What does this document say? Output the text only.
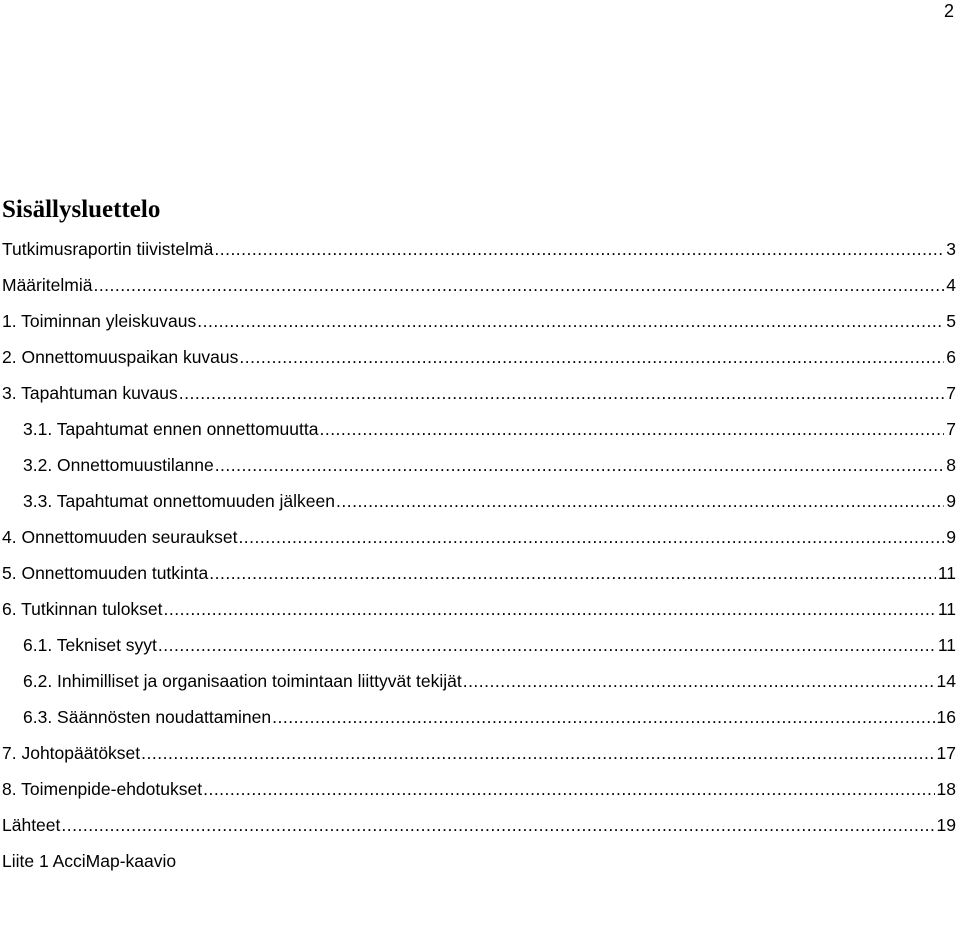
2
Sisällysluettelo
Tutkimusraportin tiivistelmä .....	3
Määritelmiä .....	4
1. Toiminnan yleiskuvaus .....	5
2. Onnettomuuspaikan kuvaus .....	6
3. Tapahtuman kuvaus .....	7
3.1. Tapahtumat ennen onnettomuutta .....	7
3.2. Onnettomuustilanne .....	8
3.3. Tapahtumat onnettomuuden jälkeen .....	9
4. Onnettomuuden seuraukset .....	9
5. Onnettomuuden tutkinta .....	11
6. Tutkinnan tulokset .....	11
6.1. Tekniset syyt .....	11
6.2. Inhimilliset ja organisaation toimintaan liittyvät tekijät .....	14
6.3. Säännösten noudattaminen .....	16
7. Johtopäätökset .....	17
8. Toimenpide-ehdotukset .....	18
Lähteet .....	19
Liite 1 AcciMap-kaavio
